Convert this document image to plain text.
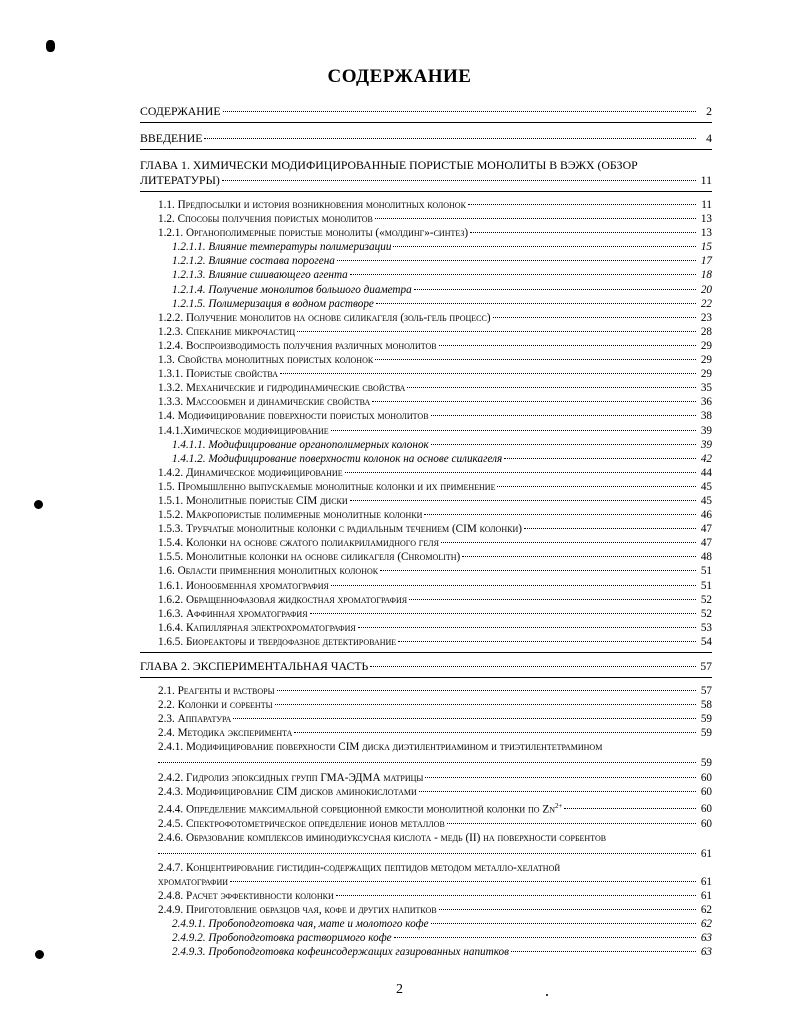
СОДЕРЖАНИЕ
СОДЕРЖАНИЕ	2
ВВЕДЕНИЕ	4
ГЛАВА 1. ХИМИЧЕСКИ МОДИФИЦИРОВАННЫЕ ПОРИСТЫЕ МОНОЛИТЫ В ВЭЖХ (ОБЗОР
ЛИТЕРАТУРЫ)	11
1.1. Предпосылки и история возникновения монолитных колонок	11
1.2. Способы получения пористых монолитов	13
1.2.1. Органополимерные пористые монолиты («молдинг»-синтез)	13
1.2.1.1. Влияние температуры полимеризации	15
1.2.1.2. Влияние состава порогена	17
1.2.1.3. Влияние сшивающего агента	18
1.2.1.4. Получение монолитов большого диаметра	20
1.2.1.5. Полимеризация в водном растворе	22
1.2.2. Получение монолитов на основе силикагеля (золь-гель процесс)	23
1.2.3. Спекание микрочастиц	28
1.2.4. Воспроизводимость получения различных монолитов	29
1.3. Свойства монолитных пористых колонок	29
1.3.1. Пористые свойства	29
1.3.2. Механические и гидродинамические свойства	35
1.3.3. Массообмен и динамические свойства	36
1.4. Модифицирование поверхности пористых монолитов	38
1.4.1.Химическое модифицирование	39
1.4.1.1. Модифицирование органополимерных колонок	39
1.4.1.2. Модифицирование поверхности колонок на основе силикагеля	42
1.4.2. Динамическое модифицирование	44
1.5. Промышленно выпускаемые монолитные колонки и их применение	45
1.5.1. Монолитные пористые CIM диски	45
1.5.2. Макропористые полимерные монолитные колонки	46
1.5.3. Трубчатые монолитные колонки с радиальным течением (CIM колонки)	47
1.5.4. Колонки на основе сжатого полиакриламидного геля	47
1.5.5. Монолитные колонки на основе силикагеля (Chromolith)	48
1.6. Области применения монолитных колонок	51
1.6.1. Ионообменная хроматография	51
1.6.2. Обращеннофазовая жидкостная хроматография	52
1.6.3. Аффинная хроматография	52
1.6.4. Капиллярная электрохроматография	53
1.6.5. Биореакторы и твердофазное детектирование	54
ГЛАВА 2. ЭКСПЕРИМЕНТАЛЬНАЯ ЧАСТЬ	57
2.1. Реагенты и растворы	57
2.2. Колонки и сорбенты	58
2.3. Аппаратура	59
2.4. Методика эксперимента	59
2.4.1. Модифицирование поверхности CIM диска диэтилентриамином и триэтилентетрамином
59
2.4.2. Гидролиз эпоксидных групп ГМА-ЭДМА матрицы	60
2.4.3. Модифицирование CIM дисков аминокислотами	60
2.4.4. Определение максимальной сорбционной емкости монолитной колонки по $Zn^{2+}$	60
2.4.5. Спектрофотометрическое определение ионов металлов	60
2.4.6. Образование комплексов иминодиуксусная кислота - медь (II) на поверхности сорбентов
61
2.4.7. Концентрирование гистидин-содержащих пептидов методом металло-хелатной
хроматографии	61
2.4.8. Расчет эффективности колонки	61
2.4.9. Приготовление образцов чая, кофе и других напитков	62
2.4.9.1. Пробоподготовка чая, мате и молотого кофе	62
2.4.9.2. Пробоподготовка растворимого кофе	63
2.4.9.3. Пробоподготовка кофеинсодержащих газированных напитков	63
2
